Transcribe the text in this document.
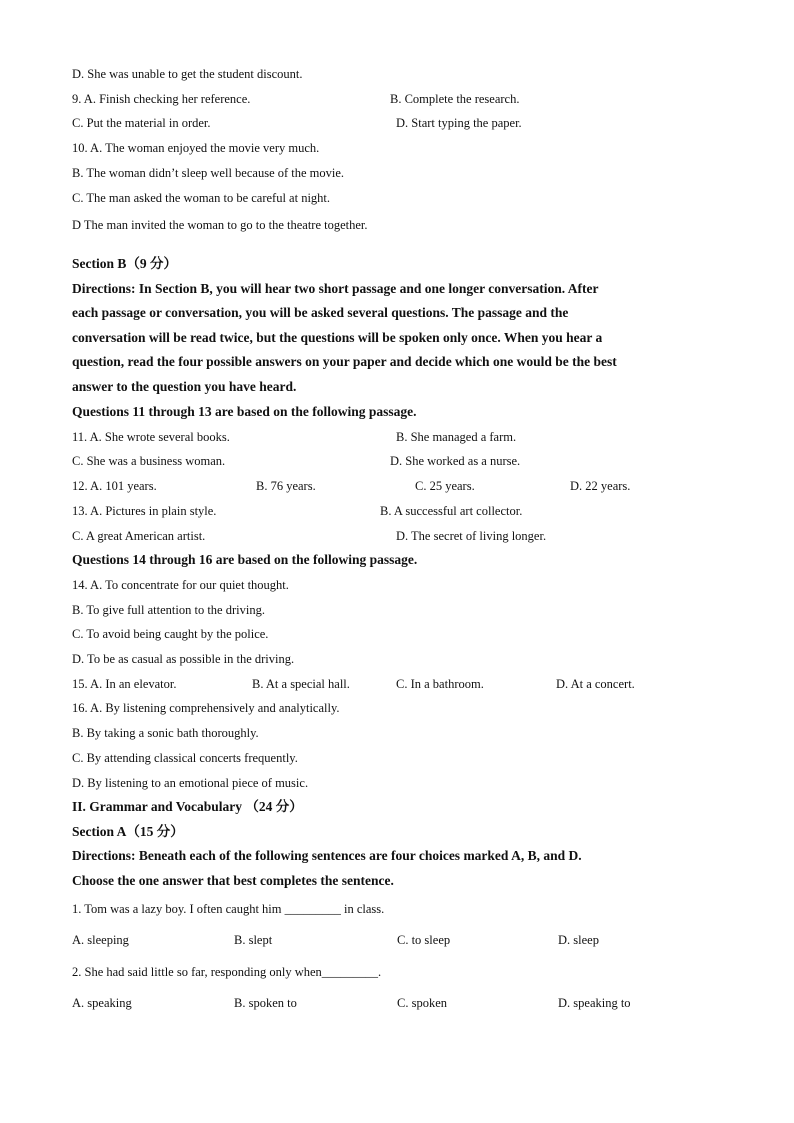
D. She was unable to get the student discount.
9. A. Finish checking her reference.	B. Complete the research.
C. Put the material in order.	D. Start typing the paper.
10. A. The woman enjoyed the movie very much.
B. The woman didn’t sleep well because of the movie.
C. The man asked the woman to be careful at night.
D The man invited the woman to go to the theatre together.
Section B（9 分）
Directions: In Section B, you will hear two short passage and one longer conversation. After
each passage or conversation, you will be asked several questions. The passage and the
conversation will be read twice, but the questions will be spoken only once. When you hear a
question, read the four possible answers on your paper and decide which one would be the best
answer to the question you have heard.
Questions 11 through 13 are based on the following passage.
11. A. She wrote several books.	B. She managed a farm.
C. She was a business woman.	D. She worked as a nurse.
12. A. 101 years.	B. 76 years.	C. 25 years.	D. 22 years.
13. A. Pictures in plain style.	B. A successful art collector.
C. A great American artist.	D. The secret of living longer.
Questions 14 through 16 are based on the following passage.
14. A. To concentrate for our quiet thought.
B. To give full attention to the driving.
C. To avoid being caught by the police.
D. To be as casual as possible in the driving.
15. A. In an elevator.	B. At a special hall.	C. In a bathroom.	D. At a concert.
16. A. By listening comprehensively and analytically.
B. By taking a sonic bath thoroughly.
C. By attending classical concerts frequently.
D. By listening to an emotional piece of music.
II. Grammar and Vocabulary （24 分）
Section A（15 分）
Directions: Beneath each of the following sentences are four choices marked A, B, and D.
Choose the one answer that best completes the sentence.
1. Tom was a lazy boy. I often caught him _________ in class.
A. sleeping	B. slept	C. to sleep	D. sleep
2. She had said little so far, responding only when_________.
A. speaking	B. spoken to	C. spoken	D. speaking to
